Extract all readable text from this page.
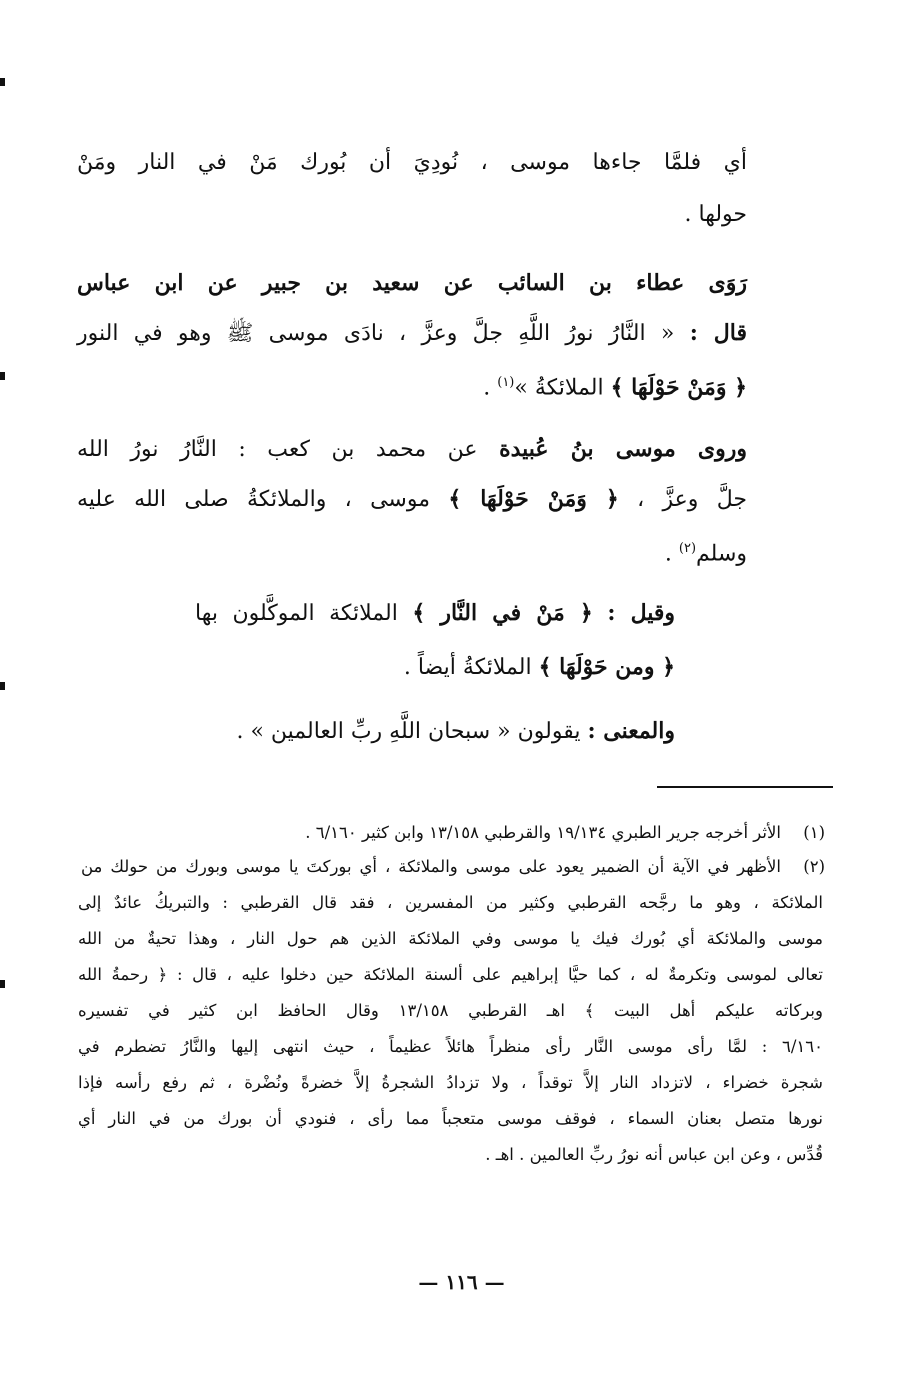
أي فلمَّا جاءها موسى ، نُودِيَ أن بُورك مَنْ في النار ومَنْ
حولها .
رَوَى عطاء بن السائب عن سعيد بن جبير عن ابن عباس
قال : « النَّارُ نورُ اللَّهِ جلَّ وعزَّ ، نادَى موسى ﷺ وهو في النور
﴿ وَمَنْ حَوْلَهَا ﴾ الملائكةُ »$^{(١)}$ .
وروى موسى بنُ عُبيدة عن محمد بن كعب : النَّارُ نورُ الله
جلَّ وعزَّ ، ﴿ وَمَنْ حَوْلَهَا ﴾ موسى ، والملائكةُ صلى الله عليه
وسلم$^{(٢)}$ .
وقيل : ﴿ مَنْ في النَّار ﴾ الملائكة الموكَّلون بها
﴿ ومن حَوْلَهَا ﴾ الملائكةُ أيضاً .
والمعنى : يقولون « سبحان اللَّهِ ربِّ العالمين » .
(١)
الأثر أخرجه جرير الطبري ١٩/١٣٤ والقرطبي ١٣/١٥٨ وابن كثير ٦/١٦٠ .
(٢)
الأظهر في الآية أن الضمير يعود على موسى والملائكة ، أي بوركتَ يا موسى وبورك من حولك من
الملائكة ، وهو ما رجَّحه القرطبي وكثير من المفسرين ، فقد قال القرطبي : والتبريكُ عائدٌ إلى
موسى والملائكة أي بُورك فيك يا موسى وفي الملائكة الذين هم حول النار ، وهذا تحيةٌ من الله
تعالى لموسى وتكرمةٌ له ، كما حيَّا إبراهيم على ألسنة الملائكة حين دخلوا عليه ، قال : ﴿ رحمةُ الله
وبركاته عليكم أهل البيت ﴾ اهـ القرطبي ١٣/١٥٨ وقال الحافظ ابن كثير في تفسيره
٦/١٦٠ : لمَّا رأى موسى النَّار رأى منظراً هائلاً عظيماً ، حيث انتهى إليها والنَّارُ تضطرم في
شجرة خضراء ، لاتزداد النار إلاَّ توقداً ، ولا تزدادُ الشجرةُ إلاَّ خضرةً ونُضْرة ، ثم رفع رأسه فإذا
نورها متصل بعنان السماء ، فوقف موسى متعجباً مما رأى ، فنودي أن بورك من في النار أي
قُدِّس ، وعن ابن عباس أنه نورُ ربِّ العالمين . اهـ .
— ١١٦ —
